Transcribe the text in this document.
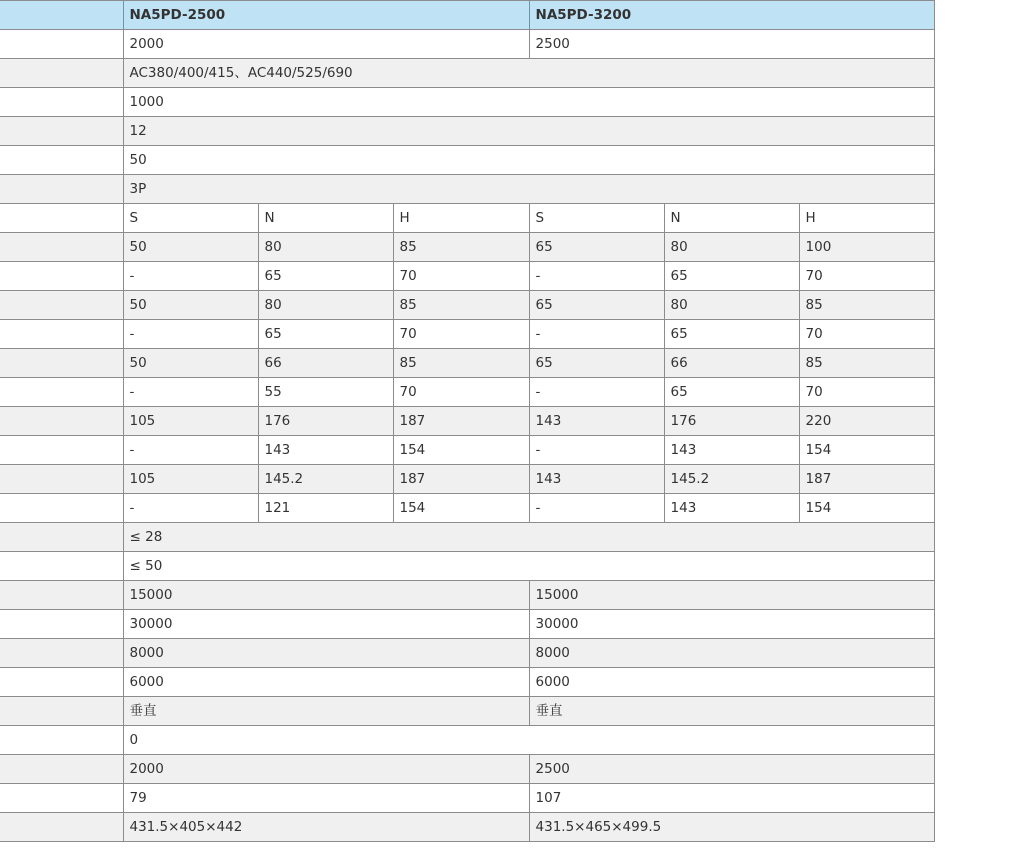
	NA5PD-2500			NA5PD-3200		
	2000			2500		
	AC380/400/415、AC440/525/690					
	1000					
	12					
	50					
	3P					
	S	N	H	S	N	H
	50	80	85	65	80	100
	-	65	70	-	65	70
	50	80	85	65	80	85
	-	65	70	-	65	70
	50	66	85	65	66	85
	-	55	70	-	65	70
	105	176	187	143	176	220
	-	143	154	-	143	154
	105	145.2	187	143	145.2	187
	-	121	154	-	143	154
	≤ 28					
	≤ 50					
	15000			15000		
	30000			30000		
	8000			8000		
	6000			6000		
	垂直			垂直		
	0					
	2000			2500		
	79			107		
	431.5×405×442			431.5×465×499.5		
